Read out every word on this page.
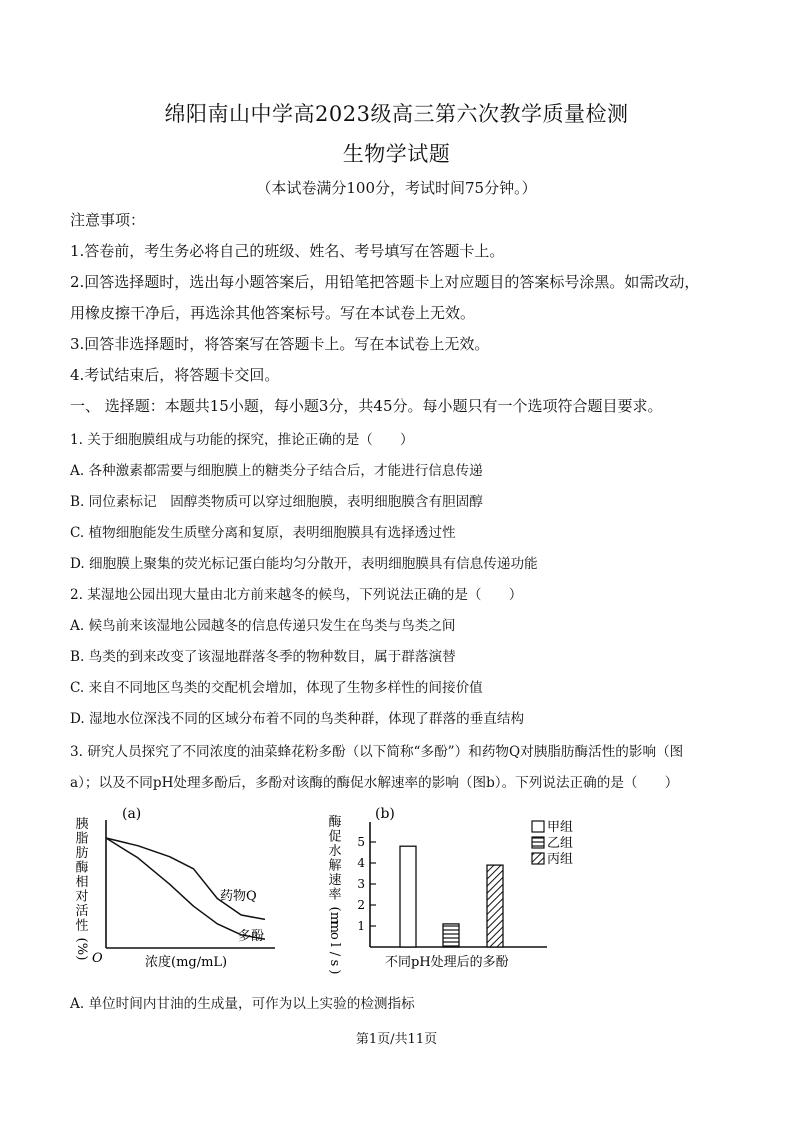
绵阳南山中学高2023级高三第六次教学质量检测
生物学试题
（本试卷满分100分，考试时间75分钟。）
注意事项：
1.答卷前，考生务必将自己的班级、姓名、考号填写在答题卡上。
2.回答选择题时，选出每小题答案后，用铅笔把答题卡上对应题目的答案标号涂黑。如需改动，
用橡皮擦干净后，再选涂其他答案标号。写在本试卷上无效。
3.回答非选择题时，将答案写在答题卡上。写在本试卷上无效。
4.考试结束后，将答题卡交回。
一、 选择题：本题共15小题，每小题3分，共45分。每小题只有一个选项符合题目要求。
1. 关于细胞膜组成与功能的探究，推论正确的是（　　）
A. 各种激素都需要与细胞膜上的糖类分子结合后，才能进行信息传递
B. 同位素标记　固醇类物质可以穿过细胞膜，表明细胞膜含有胆固醇
C. 植物细胞能发生质壁分离和复原，表明细胞膜具有选择透过性
D. 细胞膜上聚集的荧光标记蛋白能均匀分散开，表明细胞膜具有信息传递功能
2. 某湿地公园出现大量由北方前来越冬的候鸟，下列说法正确的是（　　）
A. 候鸟前来该湿地公园越冬的信息传递只发生在鸟类与鸟类之间
B. 鸟类的到来改变了该湿地群落冬季的物种数目，属于群落演替
C. 来自不同地区鸟类的交配机会增加，体现了生物多样性的间接价值
D. 湿地水位深浅不同的区域分布着不同的鸟类种群，体现了群落的垂直结构
3. 研究人员探究了不同浓度的油菜蜂花粉多酚（以下简称“多酚”）和药物Q对胰脂肪酶活性的影响（图
a）；以及不同pH处理多酚后，多酚对该酶的酶促水解速率的影响（图b）。下列说法正确的是（　　）
胰
脂
肪
酶
相
对
活
性
(
%
)
(a)
O	浓度(mg/mL)
药物Q
多酚
酶
促
水
解
速
率
(
m
m
o
l
/
s
)
(b)
1
2
3
4
5
甲组
乙组
丙组
不同pH处理后的多酚
A. 单位时间内甘油的生成量，可作为以上实验的检测指标
第1页/共11页
